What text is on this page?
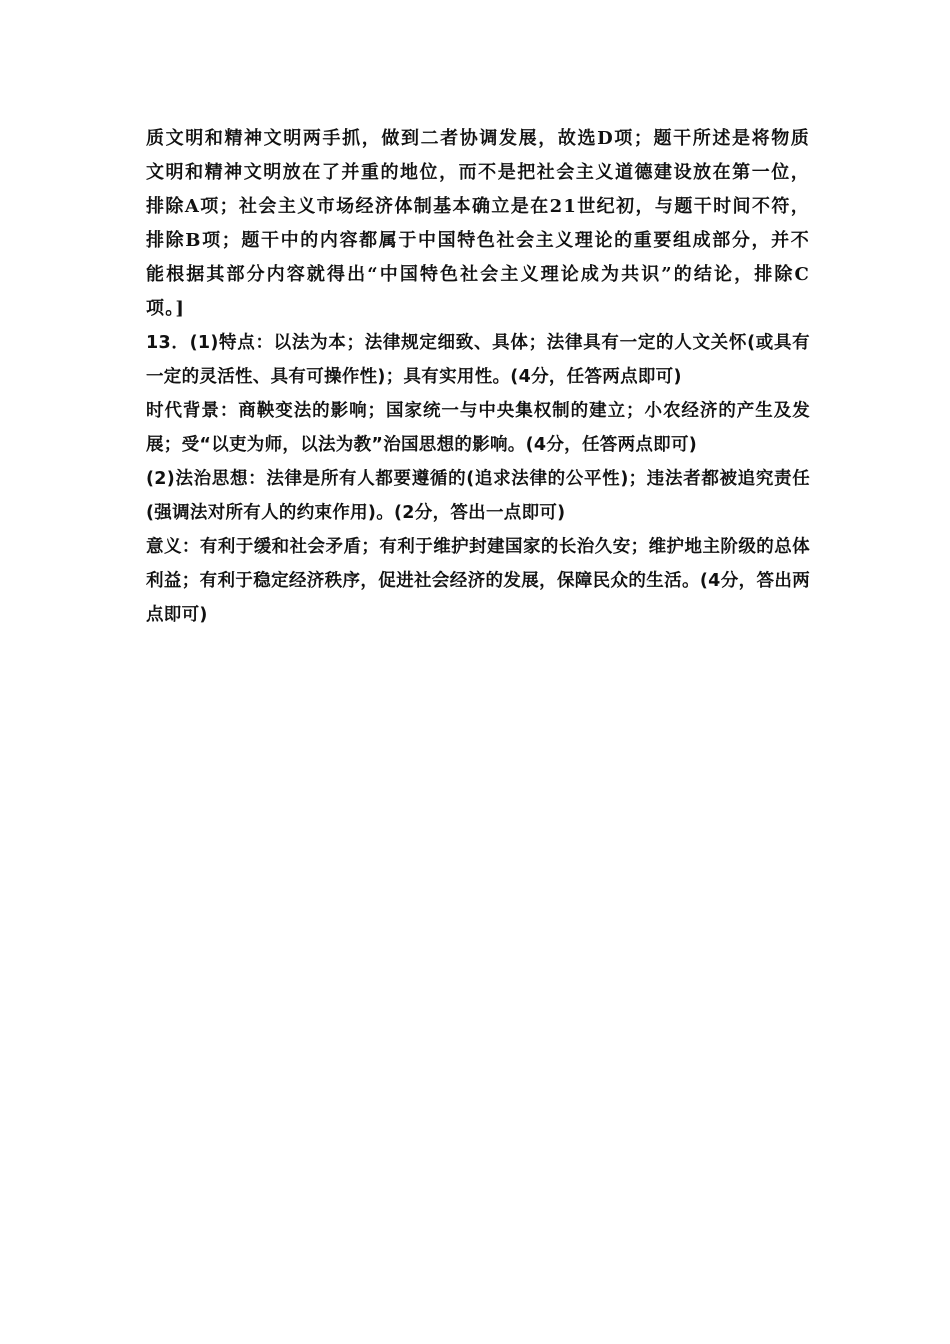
质文明和精神文明两手抓，做到二者协调发展，故选D项；题干所述是将物质文明和精神文明放在了并重的地位，而不是把社会主义道德建设放在第一位，排除A项；社会主义市场经济体制基本确立是在21世纪初，与题干时间不符，排除B项；题干中的内容都属于中国特色社会主义理论的重要组成部分，并不能根据其部分内容就得出“中国特色社会主义理论成为共识”的结论，排除C项。]

13．(1)特点：以法为本；法律规定细致、具体；法律具有一定的人文关怀(或具有一定的灵活性、具有可操作性)；具有实用性。(4分，任答两点即可)

时代背景：商鞅变法的影响；国家统一与中央集权制的建立；小农经济的产生及发展；受“以吏为师，以法为教”治国思想的影响。(4分，任答两点即可)

(2)法治思想：法律是所有人都要遵循的(追求法律的公平性)；违法者都被追究责任(强调法对所有人的约束作用)。(2分，答出一点即可)

意义：有利于缓和社会矛盾；有利于维护封建国家的长治久安；维护地主阶级的总体利益；有利于稳定经济秩序，促进社会经济的发展，保障民众的生活。(4分，答出两点即可)
